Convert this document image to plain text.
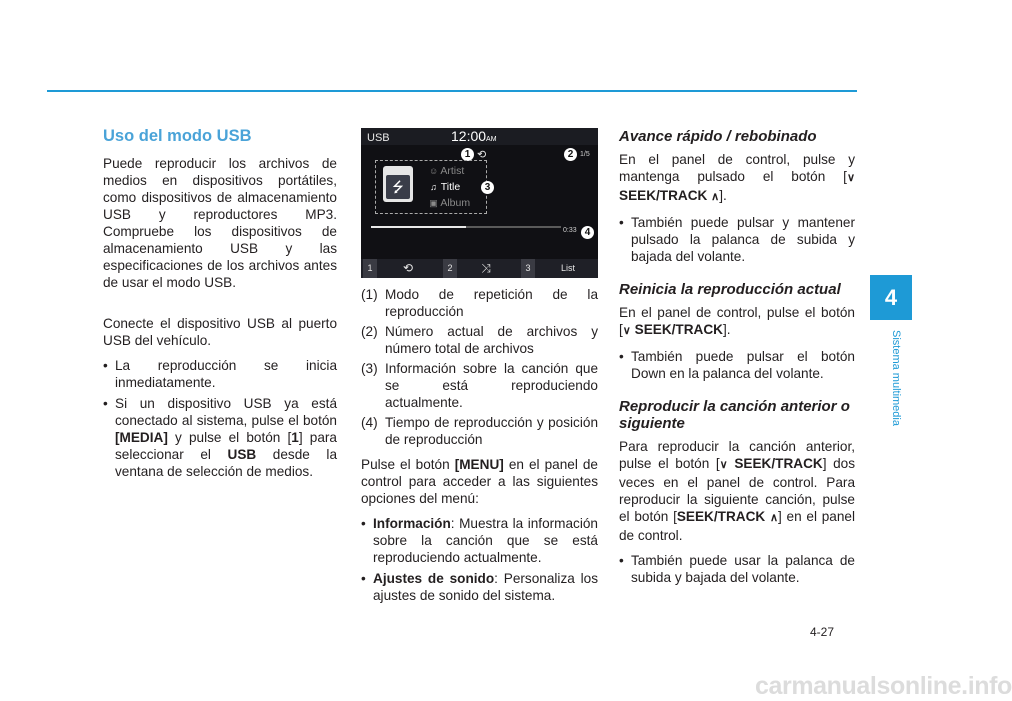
Uso del modo USB

Puede reproducir los archivos de medios en dispositivos portátiles, como dispositivos de almacenamiento USB y reproductores MP3. Compruebe los dispositivos de almacenamiento USB y las especificaciones de los archivos antes de usar el modo USB.

Conecte el dispositivo USB al puerto USB del vehículo.

• La reproducción se inicia inmediatamente.
• Si un dispositivo USB ya está conectado al sistema, pulse el botón [MEDIA] y pulse el botón [1] para seleccionar el USB desde la ventana de selección de medios.
USB	12:00AM
1 ⟲	2 1/5
⭍
☺ Artist
♫ Title
▣ Album
3
0:33 4
1	⟲	2	⤨	3	List
(1) Modo de repetición de la reproducción
(2) Número actual de archivos y número total de archivos
(3) Información sobre la canción que se está reproduciendo actualmente.
(4) Tiempo de reproducción y posición de reproducción

Pulse el botón [MENU] en el panel de control para acceder a las siguientes opciones del menú:

• Información: Muestra la información sobre la canción que se está reproduciendo actualmente.
• Ajustes de sonido: Personaliza los ajustes de sonido del sistema.
Avance rápido / rebobinado

En el panel de control, pulse y mantenga pulsado el botón [∨ SEEK/TRACK ∧].

• También puede pulsar y mantener pulsado la palanca de subida y bajada del volante.
Reinicia la reproducción actual

En el panel de control, pulse el botón [∨ SEEK/TRACK].

• También puede pulsar el botón Down en la palanca del volante.
Reproducir la canción anterior o siguiente

Para reproducir la canción anterior, pulse el botón [∨ SEEK/TRACK] dos veces en el panel de control. Para reproducir la siguiente canción, pulse el botón [SEEK/TRACK ∧] en el panel de control.

• También puede usar la palanca de subida y bajada del volante.
4
Sistema multimedia
4-27
carmanualsonline.info
